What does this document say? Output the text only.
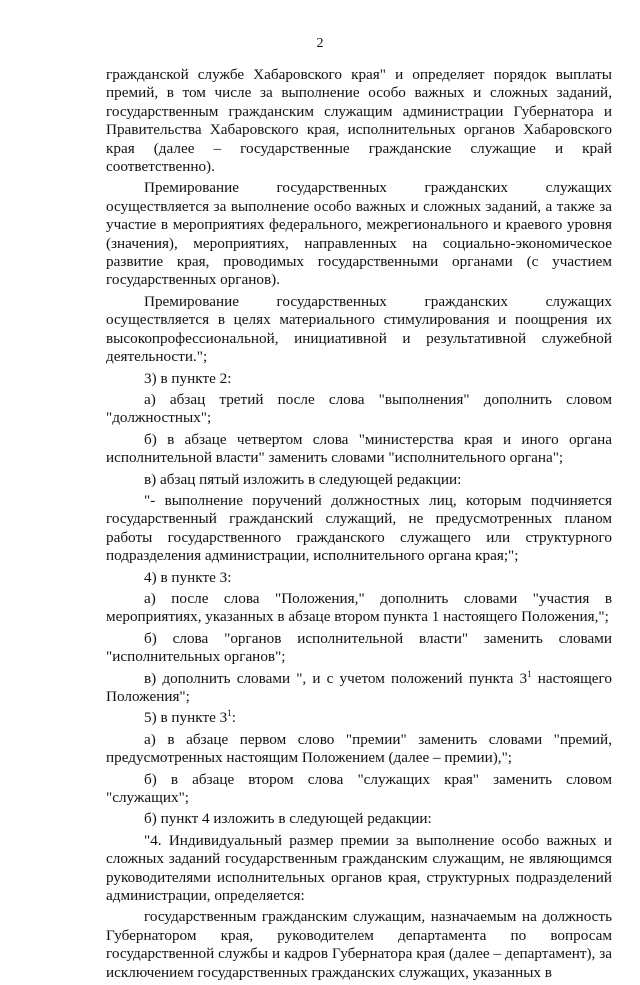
2

гражданской службе Хабаровского края" и определяет порядок выплаты премий, в том числе за выполнение особо важных и сложных заданий, государственным гражданским служащим администрации Губернатора и Правительства Хабаровского края, исполнительных органов Хабаровского края (далее – государственные гражданские служащие и край соответственно).

Премирование государственных гражданских служащих осуществляется за выполнение особо важных и сложных заданий, а также за участие в мероприятиях федерального, межрегионального и краевого уровня (значения), мероприятиях, направленных на социально-экономическое развитие края, проводимых государственными органами (с участием государственных органов).

Премирование государственных гражданских служащих осуществляется в целях материального стимулирования и поощрения их высокопрофессиональной, инициативной и результативной служебной деятельности.";

3) в пункте 2:

а) абзац третий после слова "выполнения" дополнить словом "должностных";

б) в абзаце четвертом слова "министерства края и иного органа исполнительной власти" заменить словами "исполнительного органа";

в) абзац пятый изложить в следующей редакции:

"- выполнение поручений должностных лиц, которым подчиняется государственный гражданский служащий, не предусмотренных планом работы государственного гражданского служащего или структурного подразделения администрации, исполнительного органа края;";

4) в пункте 3:

а) после слова "Положения," дополнить словами "участия в мероприятиях, указанных в абзаце втором пункта 1 настоящего Положения,";

б) слова "органов исполнительной власти" заменить словами "исполнительных органов";

в) дополнить словами ", и с учетом положений пункта $3^1$ настоящего Положения";

5) в пункте $3^1$:

а) в абзаце первом слово "премии" заменить словами "премий, предусмотренных настоящим Положением (далее – премии),";

б) в абзаце втором слова "служащих края" заменить словом "служащих";

б) пункт 4 изложить в следующей редакции:

"4. Индивидуальный размер премии за выполнение особо важных и сложных заданий государственным гражданским служащим, не являющимся руководителями исполнительных органов края, структурных подразделений администрации, определяется:

государственным гражданским служащим, назначаемым на должность Губернатором края, руководителем департамента по вопросам государственной службы и кадров Губернатора края (далее – департамент), за исключением государственных гражданских служащих, указанных в
